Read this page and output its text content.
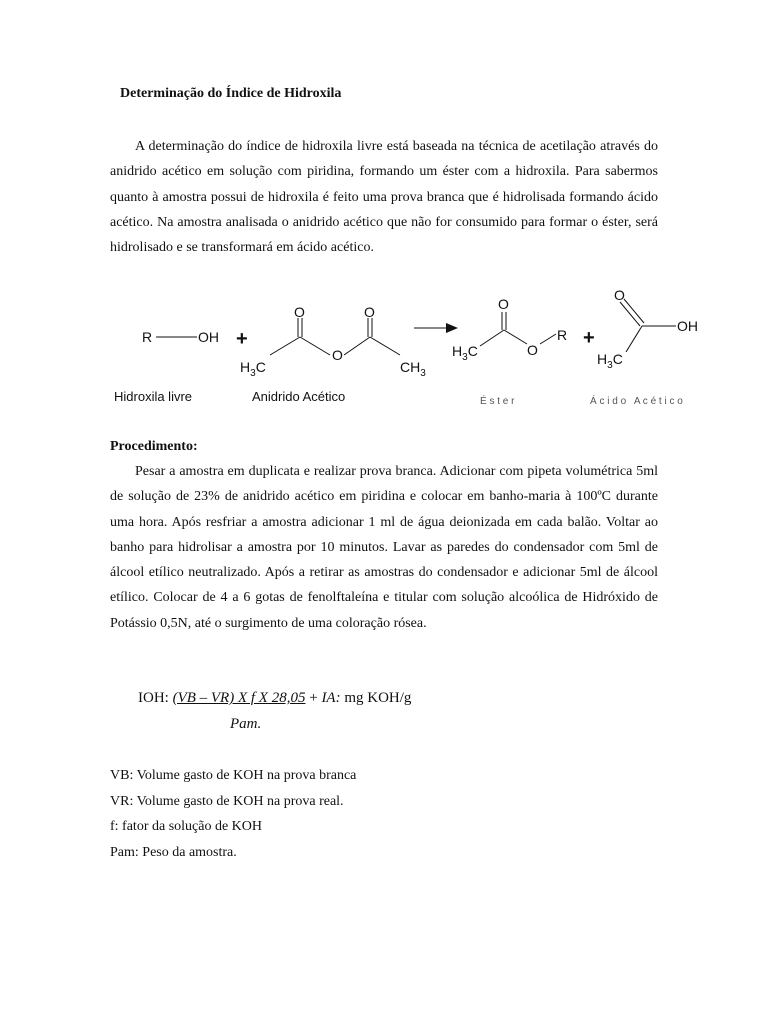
Determinação do Índice de Hidroxila
A determinação do índice de hidroxila livre está baseada na técnica de acetilação através do anidrido acético em solução com piridina, formando um éster com a hidroxila. Para sabermos quanto à amostra possui de hidroxila é feito uma prova branca que é hidrolisada formando ácido acético. Na amostra analisada o anidrido acético que não for consumido para formar o éster, será hidrolisado e se transformará em ácido acético.
R	OH +
O	O
O
$H_3C$	$CH_3$
O
O
R
$H_3C$
+
O
OH
$H_3C$
Hidroxila livre	Anidrido Acético	É s t e r	Á c i d o   A c é t i c o
Procedimento:
Pesar a amostra em duplicata e realizar prova branca. Adicionar com pipeta volumétrica 5ml de solução de 23% de anidrido acético em piridina e colocar em banho-maria à 100ºC durante uma hora. Após resfriar a amostra adicionar 1 ml de água deionizada em cada balão. Voltar ao banho para hidrolisar a amostra por 10 minutos. Lavar as paredes do condensador com 5ml de álcool etílico neutralizado. Após a retirar as amostras do condensador e adicionar 5ml de álcool etílico. Colocar de 4 a 6 gotas de fenolftaleína e titular com solução alcoólica de Hidróxido de Potássio 0,5N, até o surgimento de uma coloração rósea.
IOH: (VB – VR) X f X 28,05 + IA: mg KOH/g
Pam.
VB: Volume gasto de KOH na prova branca
VR: Volume gasto de KOH na prova real.
f: fator da solução de KOH
Pam: Peso da amostra.
